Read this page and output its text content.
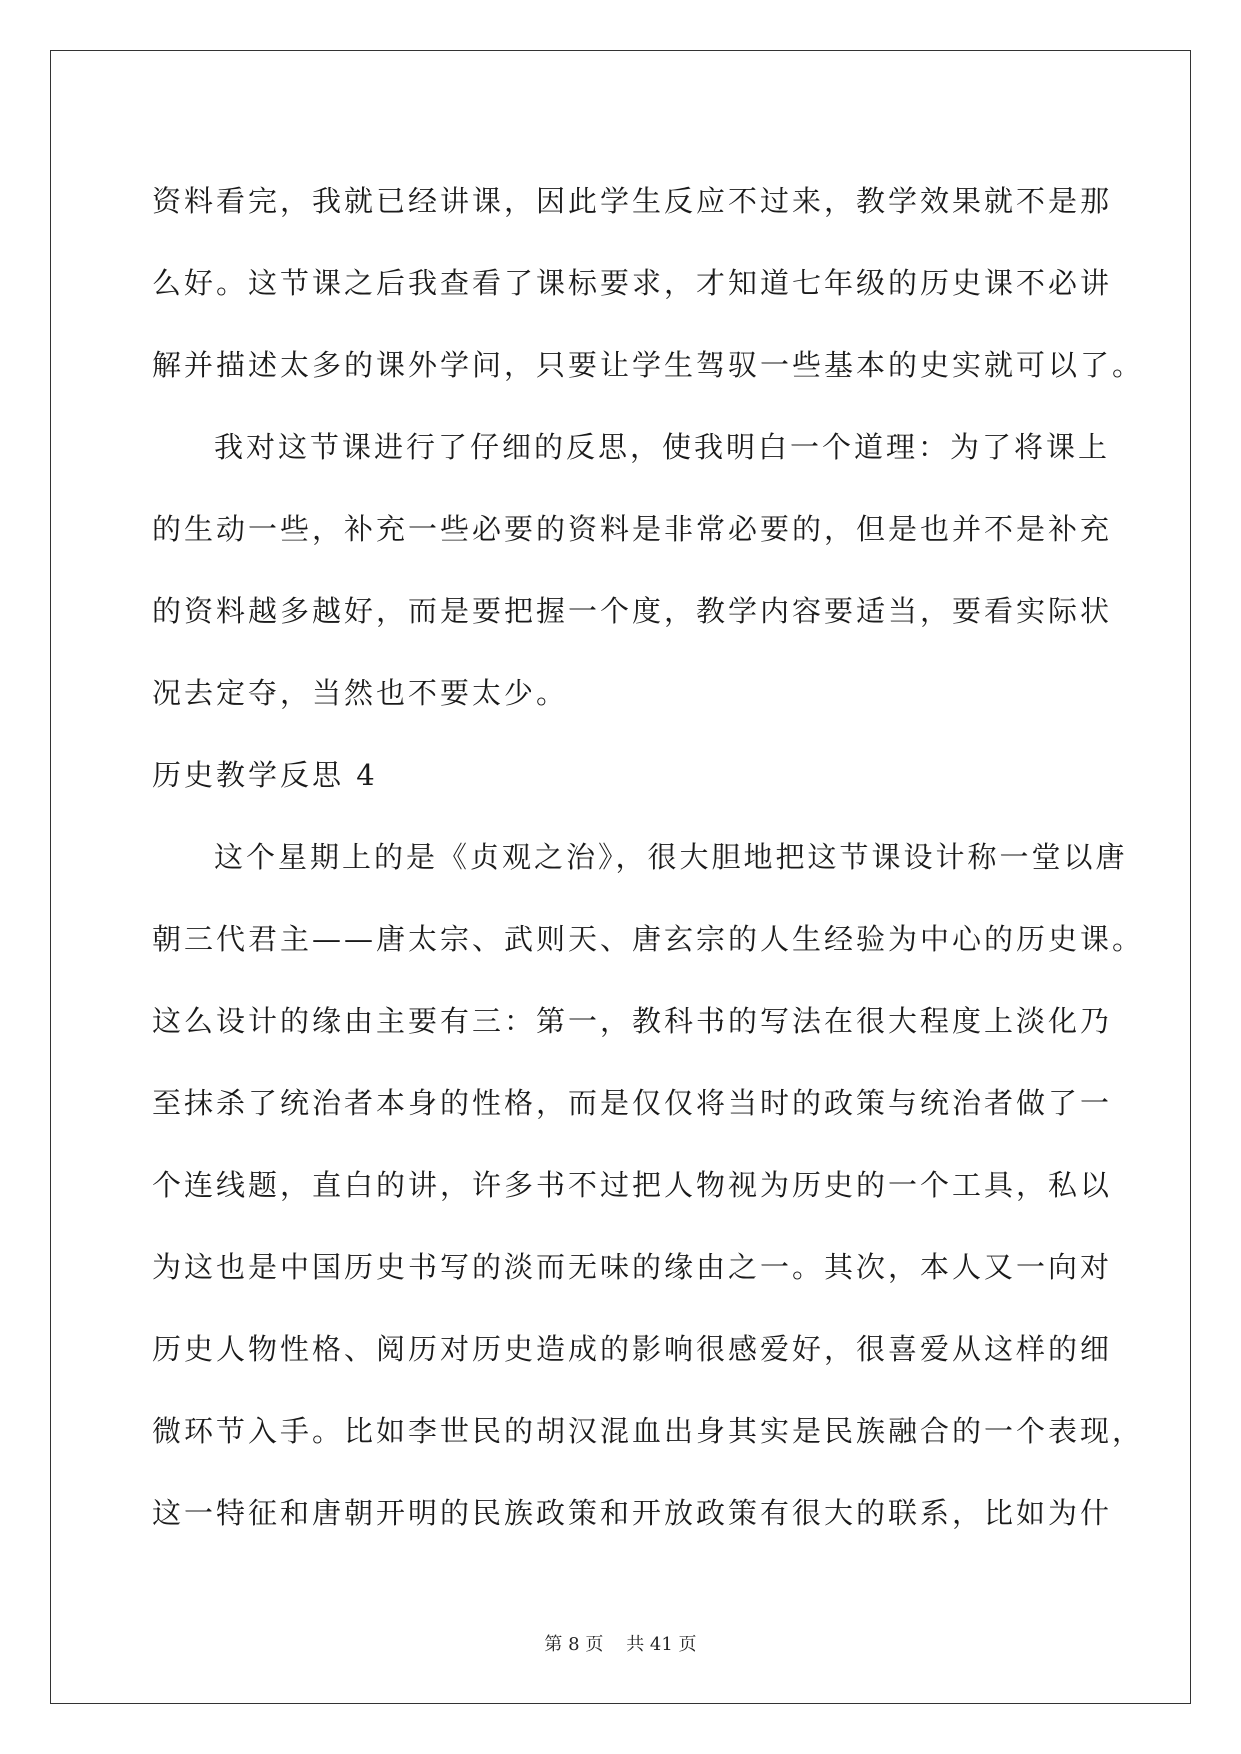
资料看完，我就已经讲课，因此学生反应不过来，教学效果就不是那
么好。这节课之后我查看了课标要求，才知道七年级的历史课不必讲
解并描述太多的课外学问，只要让学生驾驭一些基本的史实就可以了。
我对这节课进行了仔细的反思，使我明白一个道理：为了将课上
的生动一些，补充一些必要的资料是非常必要的，但是也并不是补充
的资料越多越好，而是要把握一个度，教学内容要适当，要看实际状
况去定夺，当然也不要太少。
历史教学反思 4
这个星期上的是《贞观之治》，很大胆地把这节课设计称一堂以唐
朝三代君主——唐太宗、武则天、唐玄宗的人生经验为中心的历史课。
这么设计的缘由主要有三：第一，教科书的写法在很大程度上淡化乃
至抹杀了统治者本身的性格，而是仅仅将当时的政策与统治者做了一
个连线题，直白的讲，许多书不过把人物视为历史的一个工具，私以
为这也是中国历史书写的淡而无味的缘由之一。其次，本人又一向对
历史人物性格、阅历对历史造成的影响很感爱好，很喜爱从这样的细
微环节入手。比如李世民的胡汉混血出身其实是民族融合的一个表现，
这一特征和唐朝开明的民族政策和开放政策有很大的联系，比如为什
第 8 页    共 41 页
